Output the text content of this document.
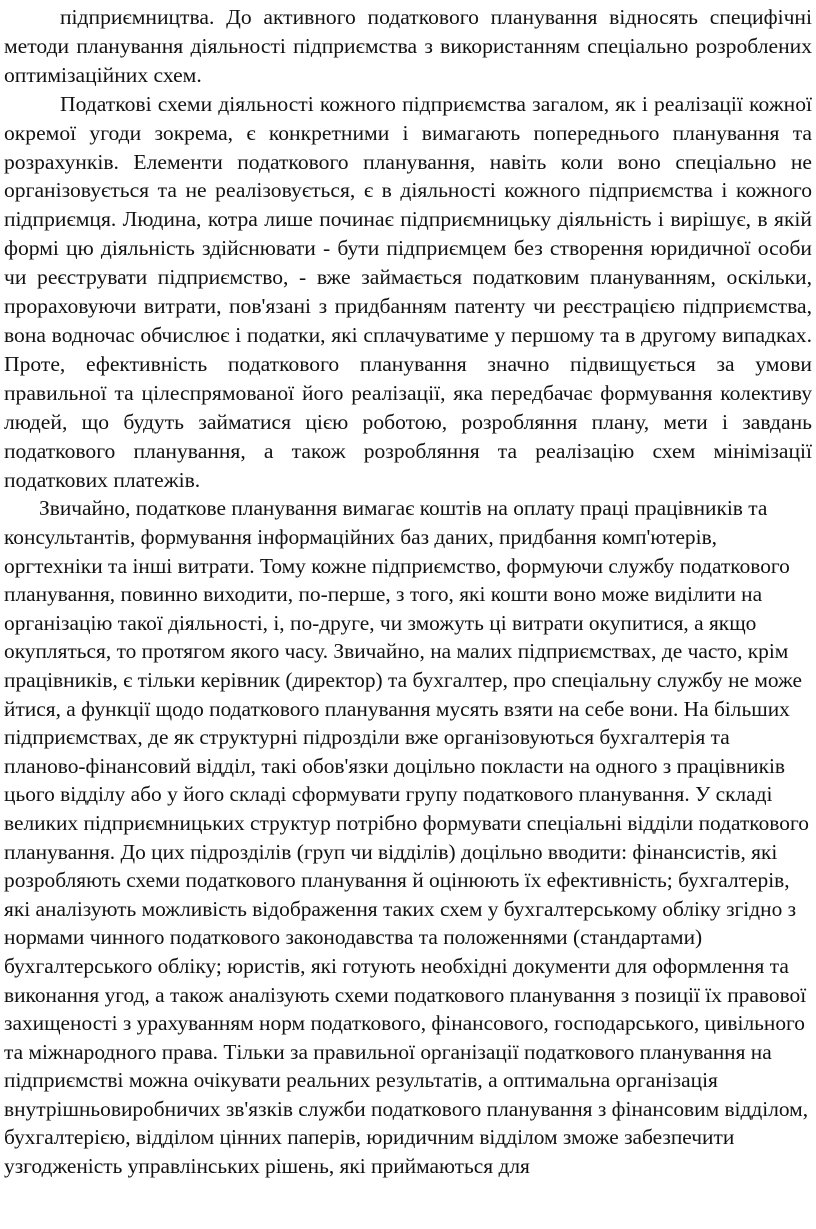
підприємництва. До активного податкового планування відносять специфічні методи планування діяльності підприємства з використанням спеціально розроблених оптимізаційних схем.

Податкові схеми діяльності кожного підприємства загалом, як і реалізації кожної окремої угоди зокрема, є конкретними і вимагають попереднього планування та розрахунків. Елементи податкового планування, навіть коли воно спеціально не організовується та не реалізовується, є в діяльності кожного підприємства і кожного підприємця. Людина, котра лише починає підприємницьку діяльність і вирішує, в якій формі цю діяльність здійснювати - бути підприємцем без створення юридичної особи чи реєструвати підприємство, - вже займається податковим плануванням, оскільки, прораховуючи витрати, пов'язані з придбанням патенту чи реєстрацією підприємства, вона водночас обчислює і податки, які сплачуватиме у першому та в другому випадках. Проте, ефективність податкового планування значно підвищується за умови правильної та цілеспрямованої його реалізації, яка передбачає формування колективу людей, що будуть займатися цією роботою, розробляння плану, мети і завдань податкового планування, а також розробляння та реалізацію схем мінімізації податкових платежів.

Звичайно, податкове планування вимагає коштів на оплату праці працівників та консультантів, формування інформаційних баз даних, придбання комп'ютерів, оргтехніки та інші витрати. Тому кожне підприємство, формуючи службу податкового планування, повинно виходити, по-перше, з того, які кошти воно може виділити на організацію такої діяльності, і, по-друге, чи зможуть ці витрати окупитися, а якщо окупляться, то протягом якого часу. Звичайно, на малих підприємствах, де часто, крім працівників, є тільки керівник (директор) та бухгалтер, про спеціальну службу не може йтися, а функції щодо податкового планування мусять взяти на себе вони. На більших підприємствах, де як структурні підрозділи вже організовуються бухгалтерія та планово-фінансовий відділ, такі обов'язки доцільно покласти на одного з працівників цього відділу або у його складі сформувати групу податкового планування. У складі великих підприємницьких структур потрібно формувати спеціальні відділи податкового планування. До цих підрозділів (груп чи відділів) доцільно вводити: фінансистів, які розробляють схеми податкового планування й оцінюють їх ефективність; бухгалтерів, які аналізують можливість відображення таких схем у бухгалтерському обліку згідно з нормами чинного податкового законодавства та положеннями (стандартами) бухгалтерського обліку; юристів, які готують необхідні документи для оформлення та виконання угод, а також аналізують схеми податкового планування з позиції їх правової захищеності з урахуванням норм податкового, фінансового, господарського, цивільного та міжнародного права. Тільки за правильної організації податкового планування на підприємстві можна очікувати реальних результатів, а оптимальна організація внутрішньовиробничих зв'язків служби податкового планування з фінансовим відділом, бухгалтерією, відділом цінних паперів, юридичним відділом зможе забезпечити узгодженість управлінських рішень, які приймаються для
